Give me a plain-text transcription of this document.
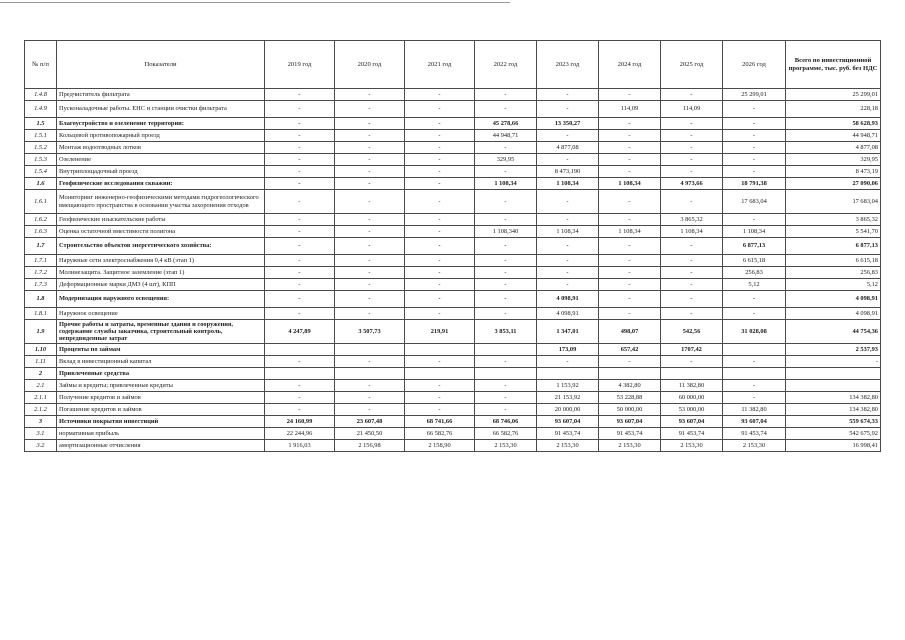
№ п/п	Показатели	2019 год	2020 год	2021 год	2022 год	2023 год	2024 год	2025 год	2026 год	Всего по инвестиционной программе, тыс. руб. без НДС
1.4.8	Предчиститель фильтрата	-	-	-	-	-	-	-	25 299,01	25 299,01
1.4.9	Пусконаладочные работы. ЕНС и станции очистки фильтрата	-	-	-	-	-	114,09	114,09	-	228,18
1.5	Благоустройство и озеленение территории:	-	-	-	45 278,66	13 350,27	-	-	-	58 628,93
1.5.1	Кольцевой противопожарный проезд	-	-	-	44 948,71	-	-	-	-	44 948,71
1.5.2	Монтаж водоотводных лотков	-	-	-	-	4 877,08	-	-	-	4 877,08
1.5.3	Озеленение	-	-	-	329,95	-	-	-	-	329,95
1.5.4	Внутриплощадочный проезд	-	-	-	-	8 473,190	-	-	-	8 473,19
1.6	Геофизические исследования скважин:	-	-	-	1 108,34	1 108,34	1 108,34	4 973,66	18 791,38	27 090,06
1.6.1	Мониторинг инженерно-геофизическими методами гидрогеологического вмещающего пространства в основании участка захоронения отходов	-	-	-	-	-	-	-	17 683,04	17 683,04
1.6.2	Геофизические изыскательские работы	-	-	-	-	-	-	3 865,32	-	3 865,32
1.6.3	Оценка остаточной вместимости полигона	-	-	-	1 108,340	1 108,34	1 108,34	1 108,34	1 108,34	5 541,70
1.7	Строительство объектов энергетического хозяйства:	-	-	-	-	-	-	-	6 877,13	6 877,13
1.7.1	Наружные сети электроснабжения 0,4 кВ (этап 1)	-	-	-	-	-	-	-	6 615,18	6 615,18
1.7.2	Молниезащита. Защитное заземление (этап 1)	-	-	-	-	-	-	-	256,83	256,83
1.7.3	Деформационные марки ДМЗ (4 шт), КПП	-	-	-	-	-	-	-	5,12	5,12
1.8	Модернизация наружного освещения:	-	-	-	-	4 098,91	-	-	-	4 098,91
1.8.1	Наружное освещение	-	-	-	-	4 098,91	-	-	-	4 098,91
1.9	Прочие работы и затраты, временные здания и сооружения, содержание службы заказчика, строительный контроль, непредвиденные затрат	4 247,89	3 507,73	219,91	3 853,11	1 347,01	498,07	542,56	31 028,08	44 754,36
1.10	Проценты по займам					173,09	657,42	1707,42		2 537,93
1.11	Вклад в инвестиционный капитал	-	-	-	-	-	-	-	-	-
2	Привлеченные средства									
2.1	Займы и кредиты; привлеченные кредиты	-	-	-	-	1 153,92	4 382,80	11 382,80	-	
2.1.1	Получение кредитов и займов	-	-	-	-	21 153,92	53 228,88	60 000,00	-	134 382,80
2.1.2	Погашение кредитов и займов	-	-	-	-	20 000,00	50 000,00	53 000,00	11 382,80	134 382,80
3	Источники покрытия инвестиций	24 160,99	23 607,48	68 741,66	68 746,06	93 607,04	93 607,04	93 607,04	93 607,04	559 674,33
3.1	нормативная прибыль	22 244,96	21 450,50	66 582,76	66 582,76	91 453,74	91 453,74	91 453,74	91 453,74	542 675,92
3.2	амортизационные отчисления	1 916,03	2 156,98	2 158,90	2 153,30	2 153,30	2 153,30	2 153,30	2 153,30	16 998,41
